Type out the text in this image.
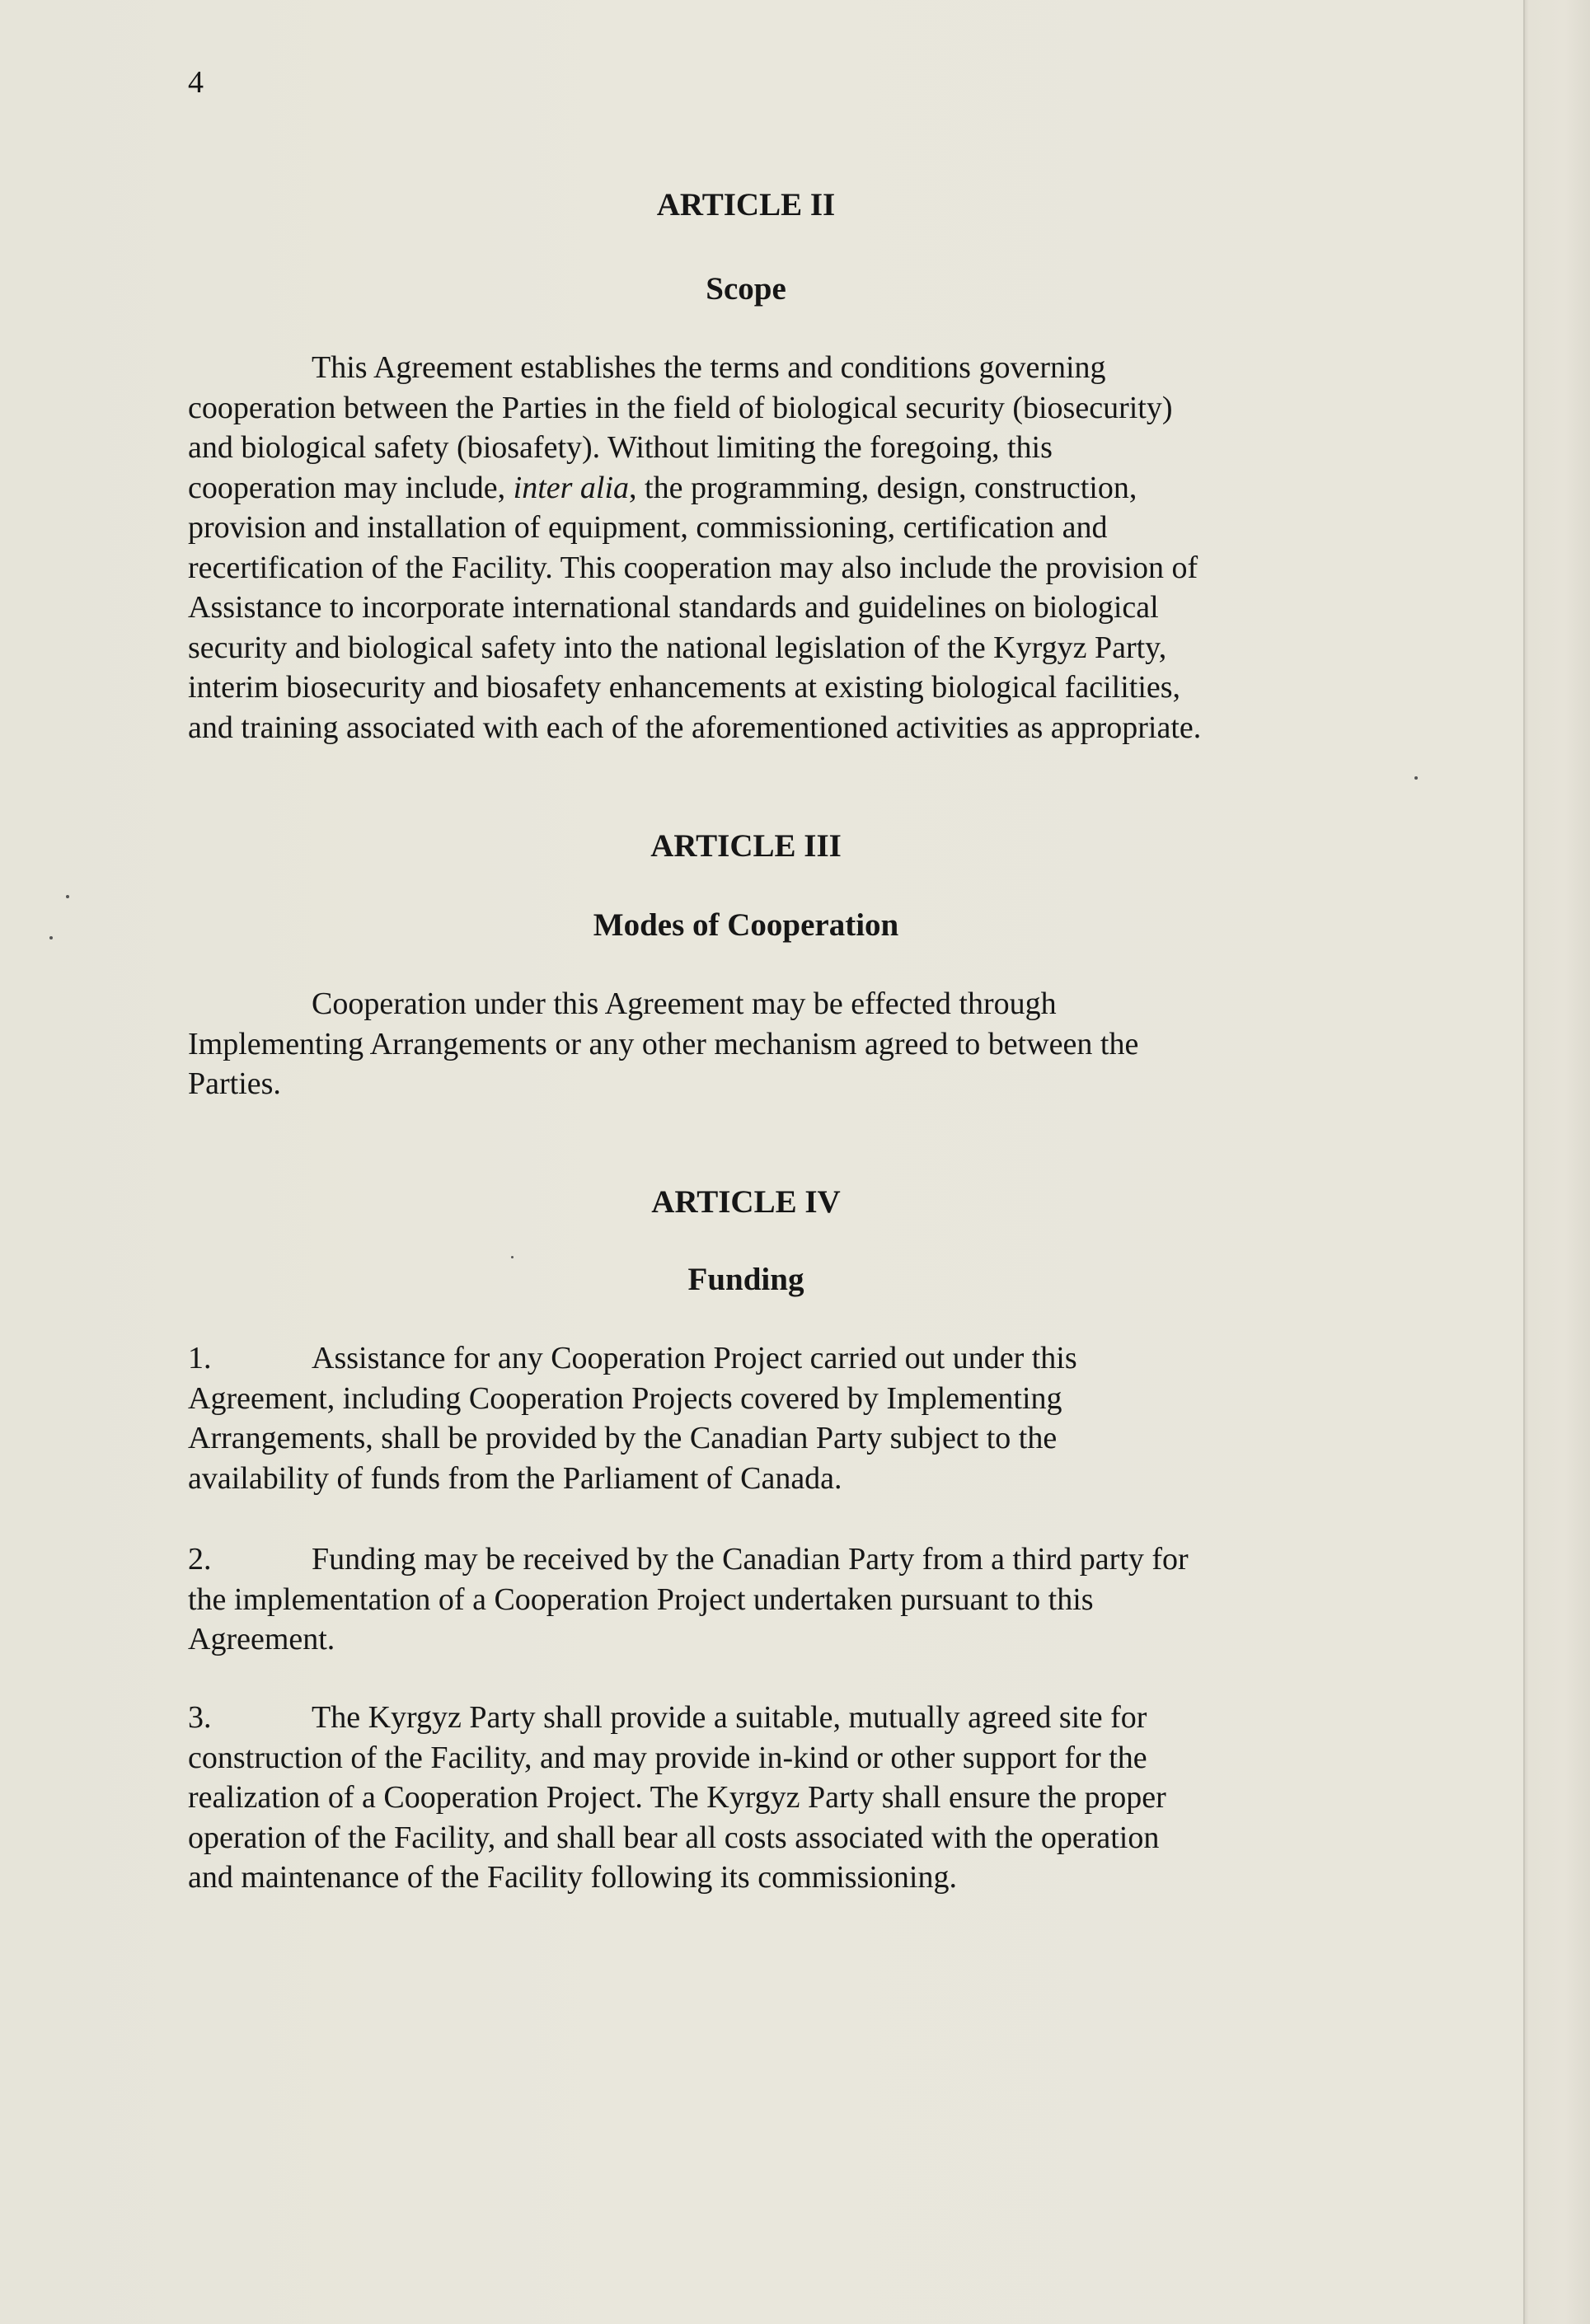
4
ARTICLE II
Scope
This Agreement establishes the terms and conditions governing
cooperation between the Parties in the field of biological security (biosecurity)
and biological safety (biosafety). Without limiting the foregoing, this
cooperation may include, inter alia, the programming, design, construction,
provision and installation of equipment, commissioning, certification and
recertification of the Facility. This cooperation may also include the provision of
Assistance to incorporate international standards and guidelines on biological
security and biological safety into the national legislation of the Kyrgyz Party,
interim biosecurity and biosafety enhancements at existing biological facilities,
and training associated with each of the aforementioned activities as appropriate.
ARTICLE III
Modes of Cooperation
Cooperation under this Agreement may be effected through
Implementing Arrangements or any other mechanism agreed to between the
Parties.
ARTICLE IV
Funding
1.	Assistance for any Cooperation Project carried out under this
Agreement, including Cooperation Projects covered by Implementing
Arrangements, shall be provided by the Canadian Party subject to the
availability of funds from the Parliament of Canada.
2.	Funding may be received by the Canadian Party from a third party for
the implementation of a Cooperation Project undertaken pursuant to this
Agreement.
3.	The Kyrgyz Party shall provide a suitable, mutually agreed site for
construction of the Facility, and may provide in-kind or other support for the
realization of a Cooperation Project. The Kyrgyz Party shall ensure the proper
operation of the Facility, and shall bear all costs associated with the operation
and maintenance of the Facility following its commissioning.
